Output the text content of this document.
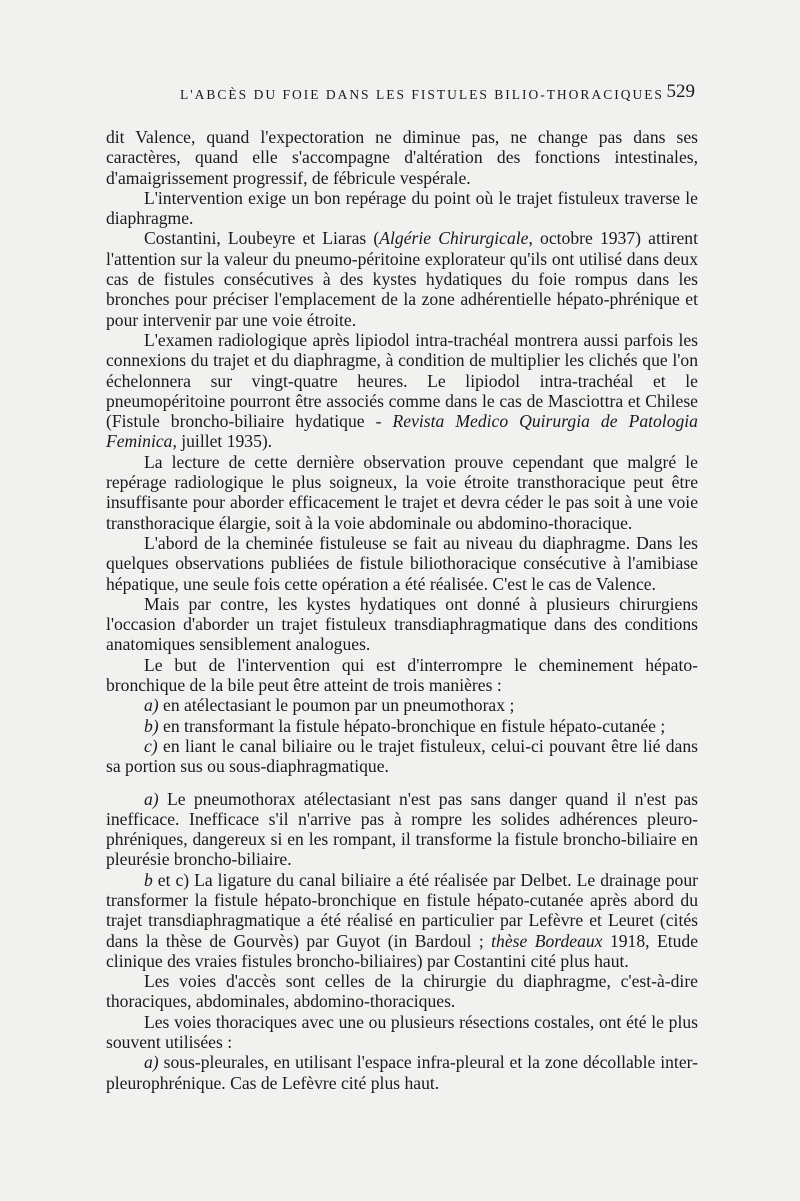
L'ABCÈS DU FOIE DANS LES FISTULES BILIO-THORACIQUES 529

dit Valence, quand l'expectoration ne diminue pas, ne change pas dans ses caractères, quand elle s'accompagne d'altération des fonctions intestinales, d'amaigrissement progressif, de fébricule vespérale.

L'intervention exige un bon repérage du point où le trajet fistuleux traverse le diaphragme.

Costantini, Loubeyre et Liaras (Algérie Chirurgicale, octobre 1937) attirent l'attention sur la valeur du pneumo-péritoine explorateur qu'ils ont utilisé dans deux cas de fistules consécutives à des kystes hydatiques du foie rompus dans les bronches pour préciser l'emplacement de la zone adhérentielle hépato-phrénique et pour intervenir par une voie étroite.

L'examen radiologique après lipiodol intra-trachéal montrera aussi parfois les connexions du trajet et du diaphragme, à condition de multiplier les clichés que l'on échelonnera sur vingt-quatre heures. Le lipiodol intra-trachéal et le pneumopéritoine pourront être associés comme dans le cas de Masciottra et Chilese (Fistule broncho-biliaire hydatique - Revista Medico Quirurgia de Patologia Feminica, juillet 1935).

La lecture de cette dernière observation prouve cependant que malgré le repérage radiologique le plus soigneux, la voie étroite transthoracique peut être insuffisante pour aborder efficacement le trajet et devra céder le pas soit à une voie transthoracique élargie, soit à la voie abdominale ou abdomino-thoracique.

L'abord de la cheminée fistuleuse se fait au niveau du diaphragme. Dans les quelques observations publiées de fistule biliothoracique consécutive à l'amibiase hépatique, une seule fois cette opération a été réalisée. C'est le cas de Valence.

Mais par contre, les kystes hydatiques ont donné à plusieurs chirurgiens l'occasion d'aborder un trajet fistuleux transdiaphragmatique dans des conditions anatomiques sensiblement analogues.

Le but de l'intervention qui est d'interrompre le cheminement hépato-bronchique de la bile peut être atteint de trois manières :

a) en atélectasiant le poumon par un pneumothorax ;

b) en transformant la fistule hépato-bronchique en fistule hépato-cutanée ;

c) en liant le canal biliaire ou le trajet fistuleux, celui-ci pouvant être lié dans sa portion sus ou sous-diaphragmatique.

a) Le pneumothorax atélectasiant n'est pas sans danger quand il n'est pas inefficace. Inefficace s'il n'arrive pas à rompre les solides adhérences pleuro-phréniques, dangereux si en les rompant, il transforme la fistule broncho-biliaire en pleurésie broncho-biliaire.

b et c) La ligature du canal biliaire a été réalisée par Delbet. Le drainage pour transformer la fistule hépato-bronchique en fistule hépato-cutanée après abord du trajet transdiaphragmatique a été réalisé en particulier par Lefèvre et Leuret (cités dans la thèse de Gourvès) par Guyot (in Bardoul ; thèse Bordeaux 1918, Etude clinique des vraies fistules broncho-biliaires) par Costantini cité plus haut.

Les voies d'accès sont celles de la chirurgie du diaphragme, c'est-à-dire thoraciques, abdominales, abdomino-thoraciques.

Les voies thoraciques avec une ou plusieurs résections costales, ont été le plus souvent utilisées :

a) sous-pleurales, en utilisant l'espace infra-pleural et la zone décollable inter-pleurophrénique. Cas de Lefèvre cité plus haut.
